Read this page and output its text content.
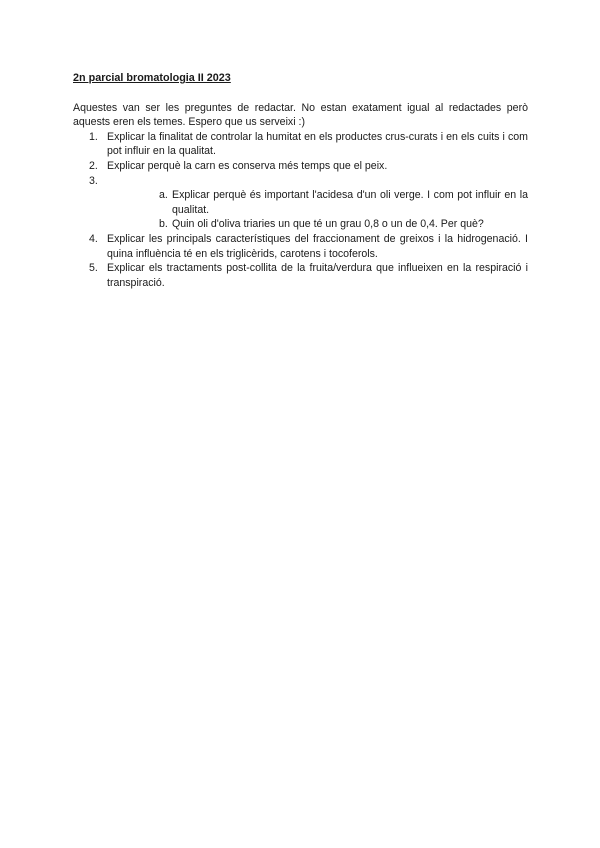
2n parcial bromatologia II 2023

Aquestes van ser les preguntes de redactar. No estan exatament igual al redactades però aquests eren els temes. Espero que us serveixi :)

1. Explicar la finalitat de controlar la humitat en els productes crus-curats i en els cuits i com pot influir en la qualitat.
2. Explicar perquè la carn es conserva més temps que el peix.
3.
a. Explicar perquè és important l'acidesa d'un oli verge. I com pot influir en la qualitat.
b. Quin oli d'oliva triaries un que té un grau 0,8 o un de 0,4. Per què?
4. Explicar les principals característiques del fraccionament de greixos i la hidrogenació. I quina influència té en els triglicèrids, carotens i tocoferols.
5. Explicar els tractaments post-collita de la fruita/verdura que influeixen en la respiració i transpiració.
